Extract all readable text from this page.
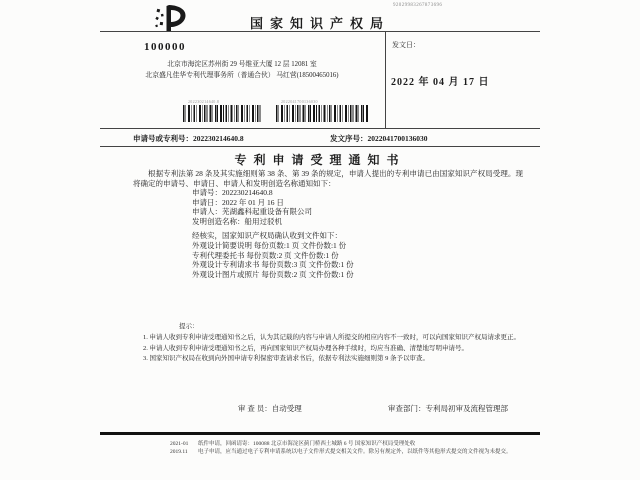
国家知识产权局
92029983267873696
100000
北京市海淀区苏州街 29 号维亚大厦 12 层 12081 室
北京盛凡佳华专利代理事务所（普通合伙） 马红营(18500465016)
发文日：
2022 年 04 月 17 日
202230214640.8	2022041700136030
申请号或专利号：202230214640.8	发文序号：2022041700136030
专利申请受理通知书
根据专利法第 28 条及其实施细则第 38 条、第 39 条的规定，申请人提出的专利申请已由国家知识产权局受理。现将确定的申请号、申请日、申请人和发明创造名称通知如下：
申请号：202230214640.8
申请日：2022 年 01 月 16 日
申请人：芜湖鑫科起重设备有限公司
发明创造名称：船用过驳机
经核实，国家知识产权局确认收到文件如下：
外观设计简要说明 每份页数:1 页 文件份数:1 份
专利代理委托书 每份页数:2 页 文件份数:1 份
外观设计专利请求书 每份页数:3 页 文件份数:1 份
外观设计图片或照片 每份页数:2 页 文件份数:1 份

提示：

1. 申请人收到专利申请受理通知书之后，认为其记载的内容与申请人所提交的相应内容不一致时，可以向国家知识产权局请求更正。

2. 申请人收到专利申请受理通知书之后，再向国家知识产权局办理各种手续时，均应当准确、清楚地写明申请号。

3. 国家知识产权局在收到向外国申请专利保密审查请求书后，依据专利法实施细则第 9 条予以审查。

审 查 员：自动受理	审查部门：专利局初审及流程管理部
2021-01
2019.11

纸件申请，回函请寄：100088 北京市海淀区蓟门桥西土城路 6 号 国家知识产权局受理处收

电子申请，应当通过电子专利申请系统以电子文件形式提交相关文件。除另有规定外，以纸件等其他形式提交的文件视为未提交。
